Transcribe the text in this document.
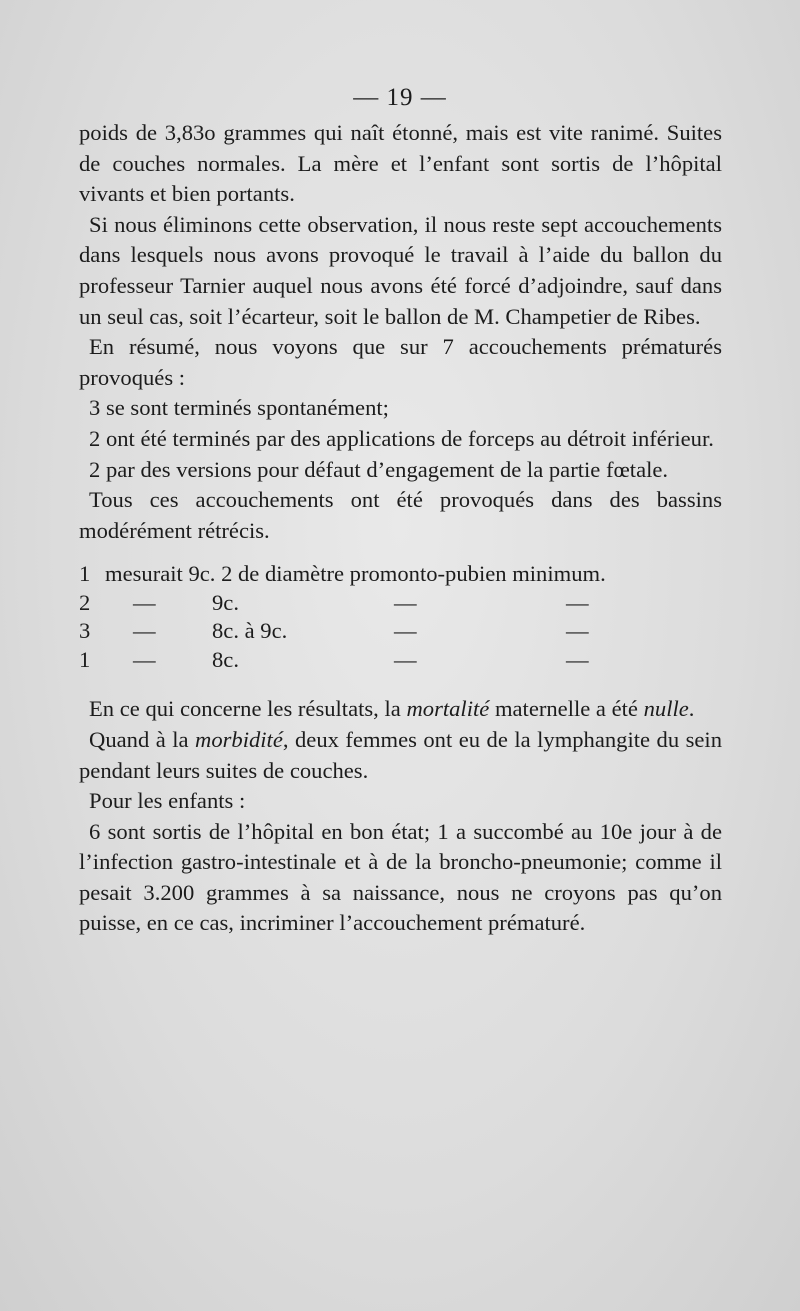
— 19 —

poids de 3,83o grammes qui naît étonné, mais est vite ranimé. Suites de couches normales. La mère et l’enfant sont sortis de l’hôpital vivants et bien portants.

Si nous éliminons cette observation, il nous reste sept accouchements dans lesquels nous avons provoqué le travail à l’aide du ballon du professeur Tarnier auquel nous avons été forcé d’adjoindre, sauf dans un seul cas, soit l’écarteur, soit le ballon de M. Champetier de Ribes.

En résumé, nous voyons que sur 7 accouchements prématurés provoqués :

3 se sont terminés spontanément;

2 ont été terminés par des applications de forceps au détroit inférieur.

2 par des versions pour défaut d’engagement de la partie fœtale.

Tous ces accouchements ont été provoqués dans des bassins modérément rétrécis.

1 mesurait 9c. 2 de diamètre promonto-pubien minimum.
2 — 9c.	—	—
3 — 8c. à 9c.	—	—
1 — 8c.	—	—

En ce qui concerne les résultats, la mortalité maternelle a été nulle.

Quand à la morbidité, deux femmes ont eu de la lymphangite du sein pendant leurs suites de couches.

Pour les enfants :

6 sont sortis de l’hôpital en bon état; 1 a succombé au 10e jour à de l’infection gastro-intestinale et à de la broncho-pneumonie; comme il pesait 3.200 grammes à sa naissance, nous ne croyons pas qu’on puisse, en ce cas, incriminer l’accouchement prématuré.
